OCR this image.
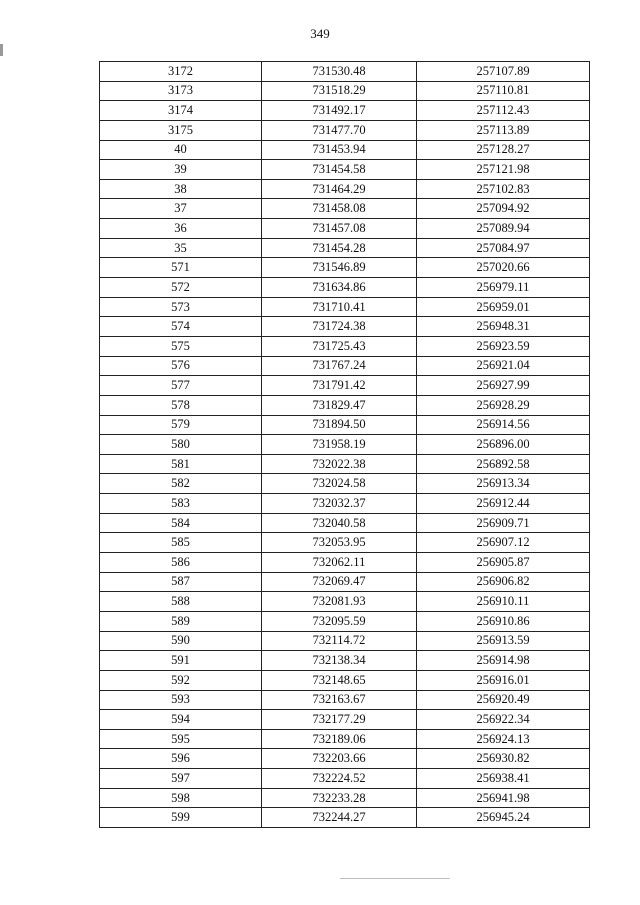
349
3172	731530.48	257107.89
3173	731518.29	257110.81
3174	731492.17	257112.43
3175	731477.70	257113.89
40	731453.94	257128.27
39	731454.58	257121.98
38	731464.29	257102.83
37	731458.08	257094.92
36	731457.08	257089.94
35	731454.28	257084.97
571	731546.89	257020.66
572	731634.86	256979.11
573	731710.41	256959.01
574	731724.38	256948.31
575	731725.43	256923.59
576	731767.24	256921.04
577	731791.42	256927.99
578	731829.47	256928.29
579	731894.50	256914.56
580	731958.19	256896.00
581	732022.38	256892.58
582	732024.58	256913.34
583	732032.37	256912.44
584	732040.58	256909.71
585	732053.95	256907.12
586	732062.11	256905.87
587	732069.47	256906.82
588	732081.93	256910.11
589	732095.59	256910.86
590	732114.72	256913.59
591	732138.34	256914.98
592	732148.65	256916.01
593	732163.67	256920.49
594	732177.29	256922.34
595	732189.06	256924.13
596	732203.66	256930.82
597	732224.52	256938.41
598	732233.28	256941.98
599	732244.27	256945.24
